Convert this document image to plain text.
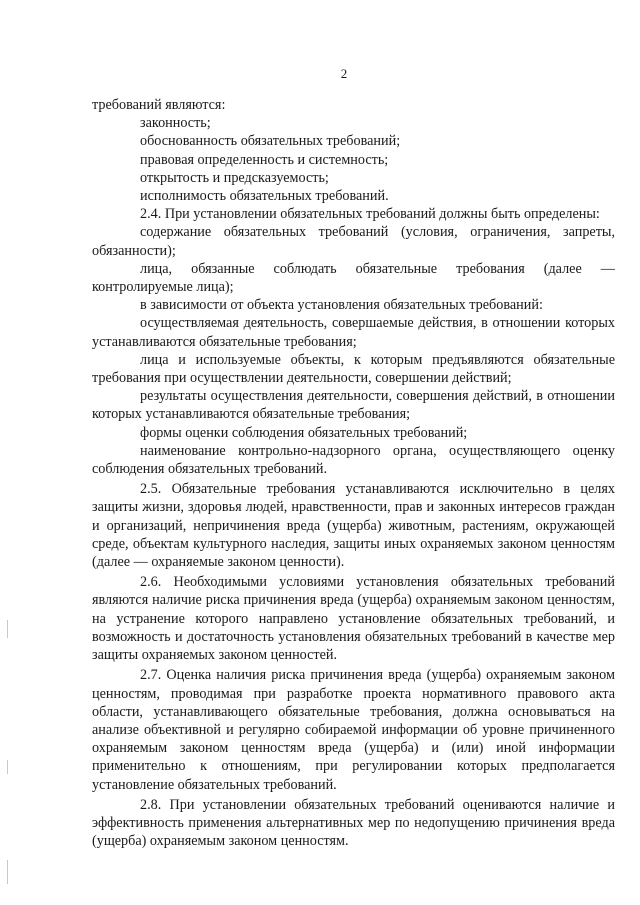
2

требований являются:

законность;

обоснованность обязательных требований;

правовая определенность и системность;

открытость и предсказуемость;

исполнимость обязательных требований.

2.4. При установлении обязательных требований должны быть определены:

содержание обязательных требований (условия, ограничения, запреты, обязанности);

лица, обязанные соблюдать обязательные требования (далее — контролируемые лица);

в зависимости от объекта установления обязательных требований:

осуществляемая деятельность, совершаемые действия, в отношении которых устанавливаются обязательные требования;

лица и используемые объекты, к которым предъявляются обязательные требования при осуществлении деятельности, совершении действий;

результаты осуществления деятельности, совершения действий, в отношении которых устанавливаются обязательные требования;

формы оценки соблюдения обязательных требований;

наименование контрольно-надзорного органа, осуществляющего оценку соблюдения обязательных требований.

2.5. Обязательные требования устанавливаются исключительно в целях защиты жизни, здоровья людей, нравственности, прав и законных интересов граждан и организаций, непричинения вреда (ущерба) животным, растениям, окружающей среде, объектам культурного наследия, защиты иных охраняемых законом ценностям (далее — охраняемые законом ценности).

2.6. Необходимыми условиями установления обязательных требований являются наличие риска причинения вреда (ущерба) охраняемым законом ценностям, на устранение которого направлено установление обязательных требований, и возможность и достаточность установления обязательных требований в качестве мер защиты охраняемых законом ценностей.

2.7. Оценка наличия риска причинения вреда (ущерба) охраняемым законом ценностям, проводимая при разработке проекта нормативного правового акта области, устанавливающего обязательные требования, должна основываться на анализе объективной и регулярно собираемой информации об уровне причиненного охраняемым законом ценностям вреда (ущерба) и (или) иной информации применительно к отношениям, при регулировании которых предполагается установление обязательных требований.

2.8. При установлении обязательных требований оцениваются наличие и эффективность применения альтернативных мер по недопущению причинения вреда (ущерба) охраняемым законом ценностям.
